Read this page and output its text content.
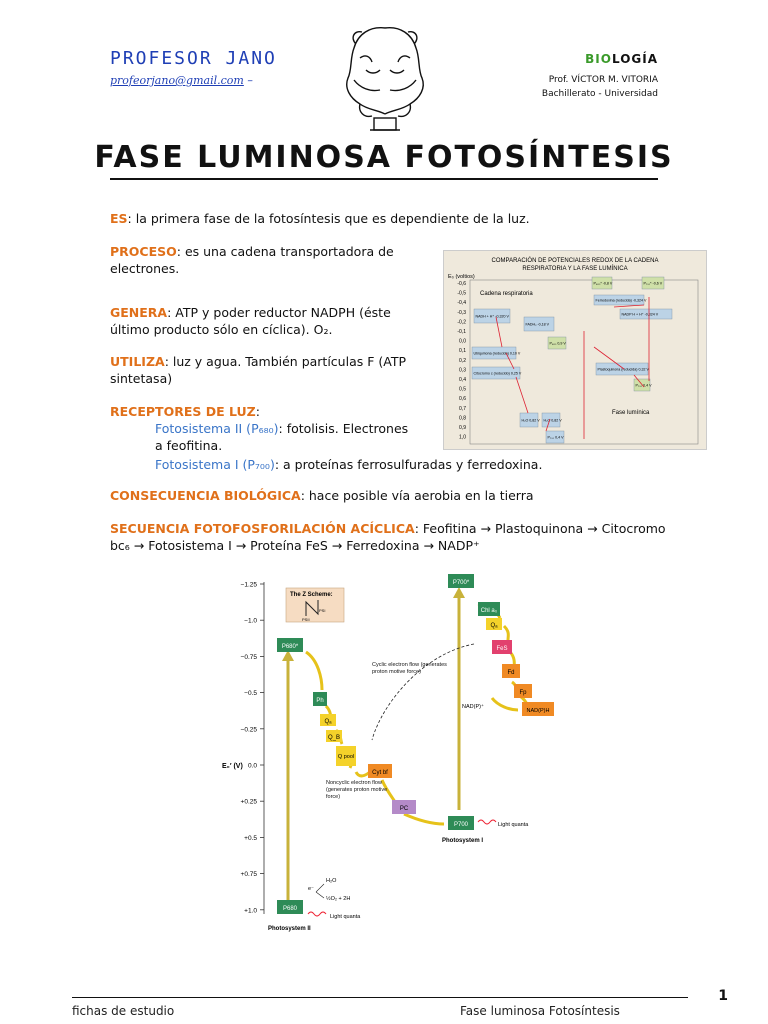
PROFESOR JANO
profeorjano@gmail.com –
BIOLOGÍA
Prof. VÍCTOR M. VITORIA
Bachillerato - Universidad
FASE LUMINOSA FOTOSÍNTESIS
ES: la primera fase de la fotosíntesis que es dependiente de la luz.
PROCESO: es una cadena transportadora de electrones.
GENERA: ATP y poder reductor NADPH (éste último producto sólo en cíclica). O₂.
UTILIZA: luz y agua. También partículas F (ATP sintetasa)
RECEPTORES DE LUZ:
Fotosistema II (P₆₈₀): fotolisis. Electrones a feofitina.
Fotosistema I (P₇₀₀): a proteínas ferrosulfuradas y ferredoxina.
CONSECUENCIA BIOLÓGICA: hace posible vía aerobia en la tierra
SECUENCIA FOTOFOSFORILACIÓN ACÍCLICA: Feofitina → Plastoquinona → Citocromo bc₆ → Fotosistema I → Proteína FeS → Ferredoxina → NADP⁺
COMPARACIÓN DE POTENCIALES REDOX DE LA CADENA
RESPIRATORIA Y LA FASE LUMÍNICA
E₀ (voltios)
-0,6
-0,5
-0,4
-0,3
-0,2
-0,1
0,0
0,1
0,2
0,3
0,4
0,5
0,6
0,7
0,8
0,9
1,0
Cadena respiratoria
Fase lumínica
NADH + H⁺ -0,320 V
FADH₂ -0,18 V
Ubiquinona (reducida) 0,10 V
Citocromo c (reducido) 0,25 V
H₂O 0,82 V H₂O 0,82 V
P₇₀₀ 0,4 V
Ferredoxina (reducida) -0,324 V
NADP H + H⁺ -0,324 V
Plastoquinona (reducida) 0,32 V
P₇₀₀ 0,4 V
P₆₈₀ 0,9 V
P₆₈₀* -0,8 V	P₇₀₀* -0,6 V
−1.25
−1.0
−0.75
−0.5
−0.25
0.0
+0.25
+0.5
+0.75
+1.0
E₀′ (V)
The Z Scheme:
PSII
PSI
P680*
Ph
Qₐ
Q_B
Q pool
Cyt bf
PC
P700
P700*
Chl a₀
Qₐ
FeS
Fd
Fp
NAD(P)H
NAD(P)⁺
P680
Cyclic electron flow (generates proton motive force)
Noncyclic electron flow (generates proton motive force)
Light quanta
Light quanta
e⁻
H₂O
½O₂ + 2H
Photosystem II
Photosystem I
fichas de estudio	Fase luminosa Fotosíntesis
1
